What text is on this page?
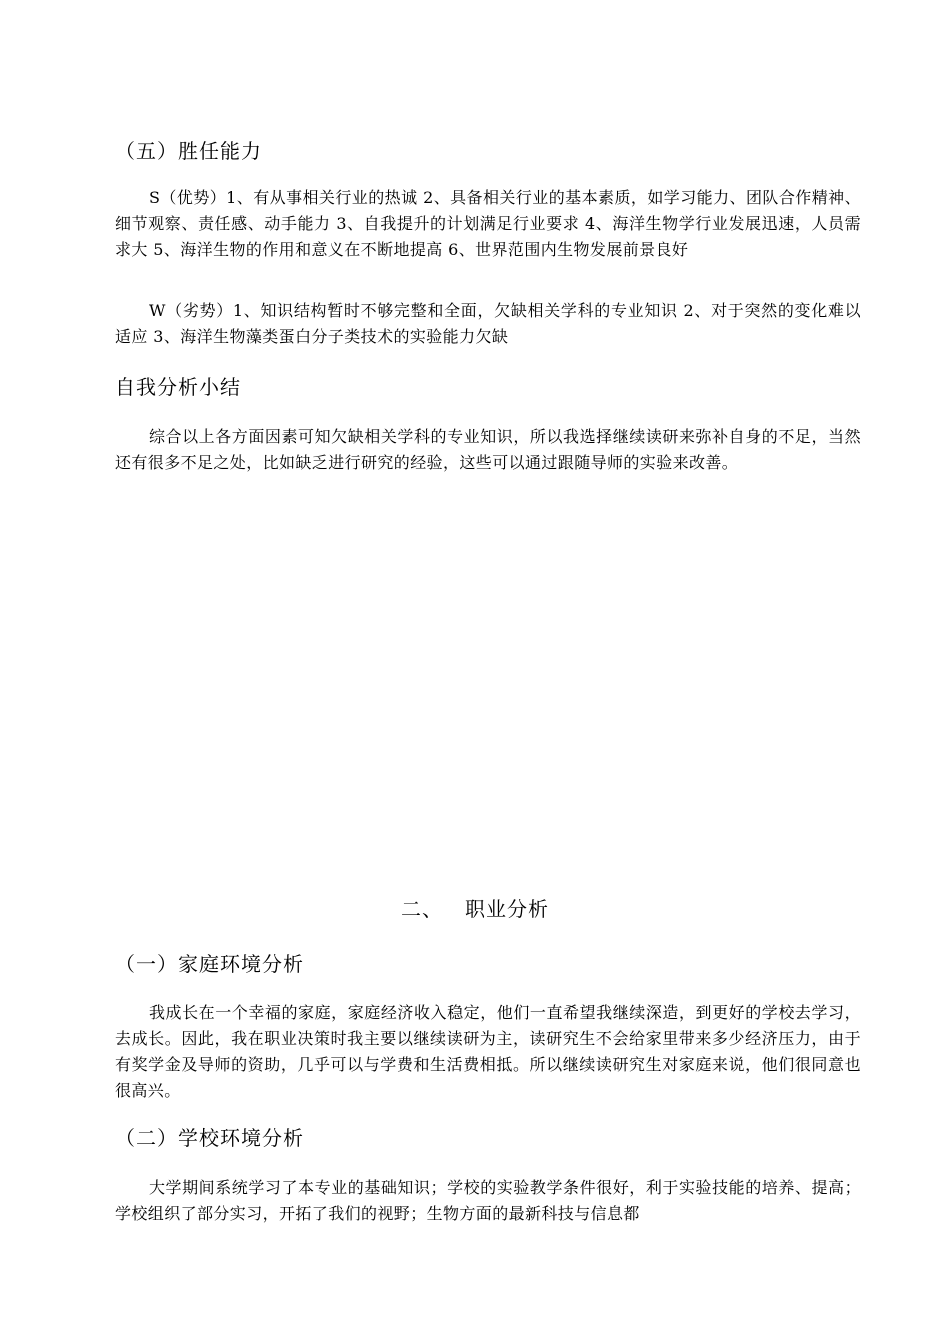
（五）胜任能力

S（优势）1、有从事相关行业的热诚 2、具备相关行业的基本素质，如学习能力、团队合作精神、细节观察、责任感、动手能力 3、自我提升的计划满足行业要求 4、海洋生物学行业发展迅速，人员需求大 5、海洋生物的作用和意义在不断地提高 6、世界范围内生物发展前景良好

W（劣势）1、知识结构暂时不够完整和全面，欠缺相关学科的专业知识 2、对于突然的变化难以适应 3、海洋生物藻类蛋白分子类技术的实验能力欠缺

自我分析小结

综合以上各方面因素可知欠缺相关学科的专业知识，所以我选择继续读研来弥补自身的不足，当然还有很多不足之处，比如缺乏进行研究的经验，这些可以通过跟随导师的实验来改善。

二、 职业分析
（一）家庭环境分析

我成长在一个幸福的家庭，家庭经济收入稳定，他们一直希望我继续深造，到更好的学校去学习，去成长。因此，我在职业决策时我主要以继续读研为主，读研究生不会给家里带来多少经济压力，由于有奖学金及导师的资助，几乎可以与学费和生活费相抵。所以继续读研究生对家庭来说，他们很同意也很高兴。

（二）学校环境分析

大学期间系统学习了本专业的基础知识；学校的实验教学条件很好，利于实验技能的培养、提高；学校组织了部分实习，开拓了我们的视野；生物方面的最新科技与信息都
